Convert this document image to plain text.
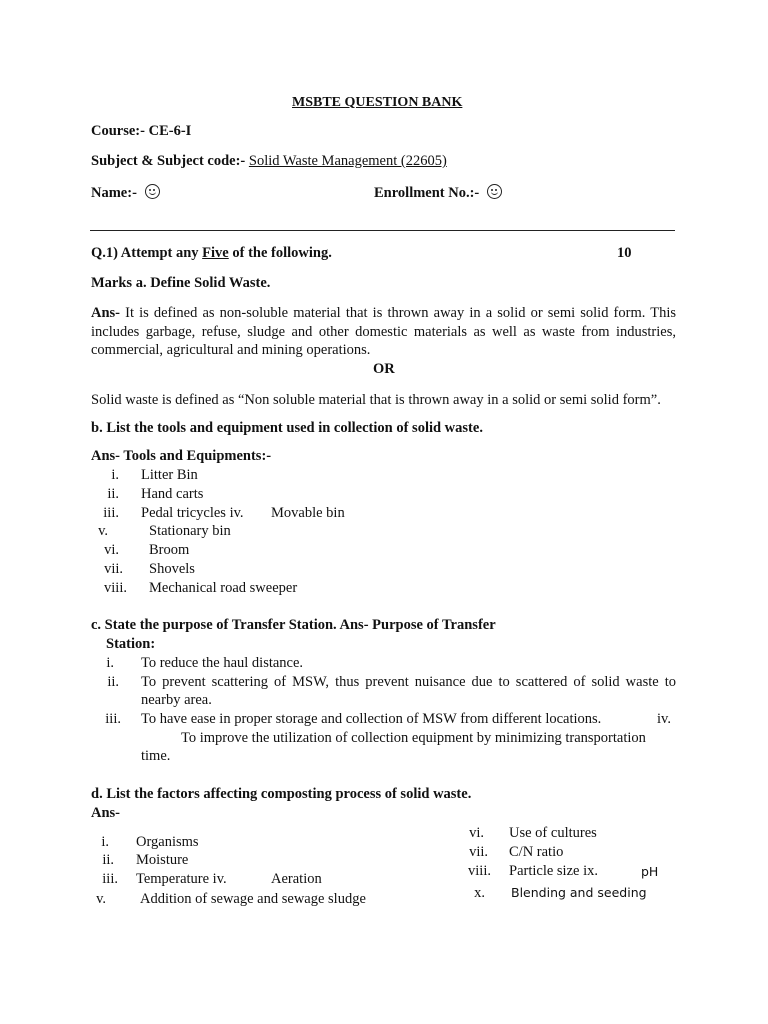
MSBTE QUESTION BANK
Course:- CE-6-I
Subject & Subject code:- Solid Waste Management (22605)
Name:-	Enrollment No.:-
Q.1) Attempt any Five of the following.	10
Marks a. Define Solid Waste.
Ans- It is defined as non-soluble material that is thrown away in a solid or semi solid form. This includes garbage, refuse, sludge and other domestic materials as well as waste from industries, commercial, agricultural and mining operations.
OR
Solid waste is defined as “Non soluble material that is thrown away in a solid or semi solid form”.
b. List the tools and equipment used in collection of solid waste.
Ans- Tools and Equipments:-
i. Litter Bin
ii. Hand carts
iii. Pedal tricycles iv. Movable bin
v.	Stationary bin
vi. Broom
vii. Shovels
viii. Mechanical road sweeper
c. State the purpose of Transfer Station. Ans- Purpose of Transfer
Station:
i. To reduce the haul distance.
ii. To prevent scattering of MSW, thus prevent nuisance due to scattered of solid waste to
nearby area.
iii. To have ease in proper storage and collection of MSW from different locations.	iv.
To improve the utilization of collection equipment by minimizing transportation
time.
d. List the factors affecting composting process of solid waste.
Ans-
i. Organisms
ii. Moisture
iii. Temperature iv.	Aeration
v. Addition of sewage and sewage sludge
vi. Use of cultures
vii. C/N ratio
viii. Particle size ix.	pH
x. Blending and seeding
